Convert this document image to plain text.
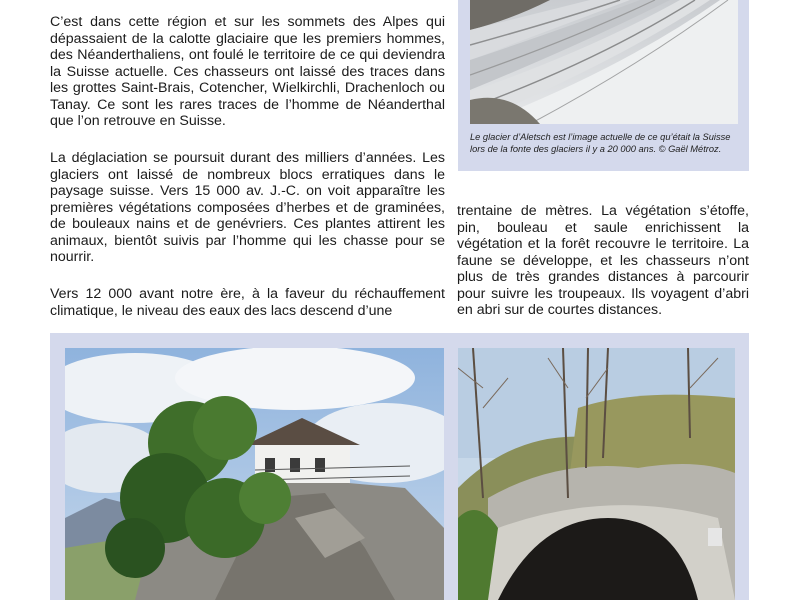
C’est dans cette région et sur les sommets des Alpes qui dépassaient de la calotte glaciaire que les premiers hommes, des Néanderthaliens, ont foulé le territoire de ce qui deviendra la Suisse actuelle. Ces chasseurs ont laissé des traces dans les grottes Saint-Brais, Cotencher, Wielkirchli, Drachenloch ou Tanay. Ce sont les rares traces de l’homme de Néanderthal que l’on retrouve en Suisse.

La déglaciation se poursuit durant des milliers d’années. Les glaciers ont laissé de nombreux blocs erratiques dans le paysage suisse. Vers 15 000 av. J.-C. on voit apparaître les premières végétations composées d’herbes et de graminées, de bouleaux nains et de genévriers. Ces plantes attirent les animaux, bientôt suivis par l’homme qui les chasse pour se nourrir.

Vers 12 000 avant notre ère, à la faveur du réchauffement climatique, le niveau des eaux des lacs descend d’une

trentaine de mètres. La végétation s’étoffe, pin, bouleau et saule enrichissent la végétation et la forêt recouvre le territoire. La faune se développe, et les chasseurs n’ont plus de très grandes distances à parcourir pour suivre les troupeaux. Ils voyagent d’abri en abri sur de courtes distances.

Le glacier d’Aletsch est l’image actuelle de ce qu’était la Suisse lors de la fonte des glaciers il y a 20 000 ans. © Gaël Métroz.
